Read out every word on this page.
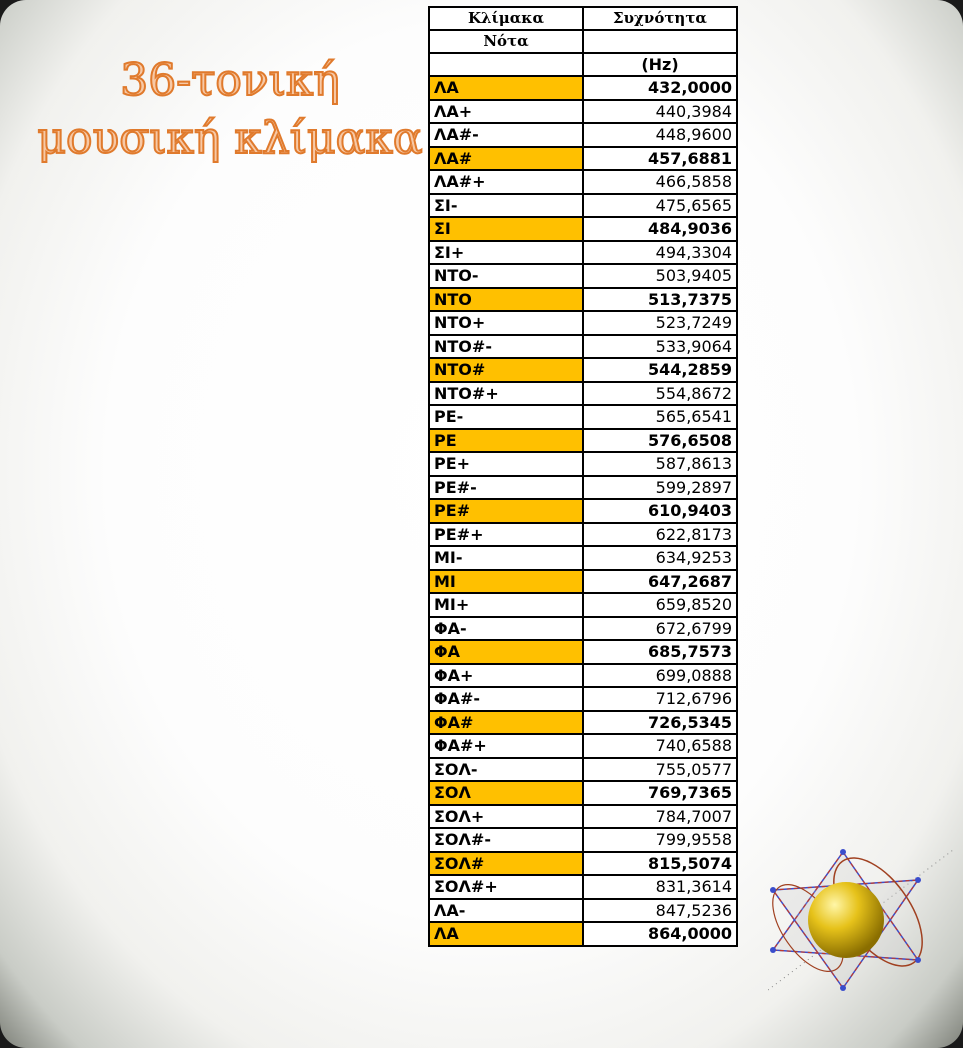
36-τονική
μουσική κλίμακα
Κλίμακα	Συχνότητα
Νότα	
	(Hz)
ΛΑ	432,0000
ΛΑ+	440,3984
ΛΑ#-	448,9600
ΛΑ#	457,6881
ΛΑ#+	466,5858
ΣΙ-	475,6565
ΣΙ	484,9036
ΣΙ+	494,3304
ΝΤΟ-	503,9405
ΝΤΟ	513,7375
ΝΤΟ+	523,7249
ΝΤΟ#-	533,9064
ΝΤΟ#	544,2859
ΝΤΟ#+	554,8672
ΡΕ-	565,6541
ΡΕ	576,6508
ΡΕ+	587,8613
ΡΕ#-	599,2897
ΡΕ#	610,9403
ΡΕ#+	622,8173
ΜΙ-	634,9253
ΜΙ	647,2687
ΜΙ+	659,8520
ΦΑ-	672,6799
ΦΑ	685,7573
ΦΑ+	699,0888
ΦΑ#-	712,6796
ΦΑ#	726,5345
ΦΑ#+	740,6588
ΣΟΛ-	755,0577
ΣΟΛ	769,7365
ΣΟΛ+	784,7007
ΣΟΛ#-	799,9558
ΣΟΛ#	815,5074
ΣΟΛ#+	831,3614
ΛΑ-	847,5236
ΛΑ	864,0000
